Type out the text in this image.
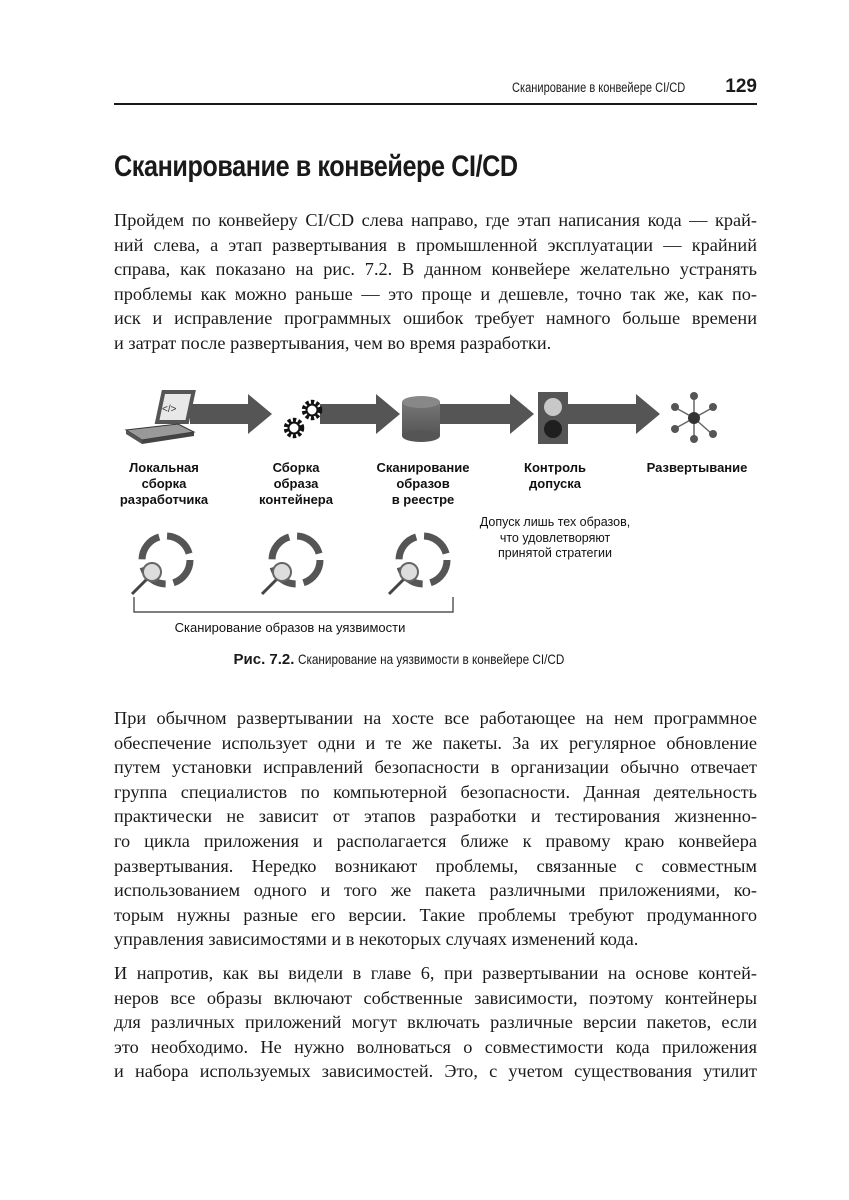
Сканирование в конвейере CI/CD 129
Сканирование в конвейере CI/CD
Пройдем по конвейеру CI/CD слева направо, где этап написания кода — край-
ний слева, а этап развертывания в промышленной эксплуатации — крайний
справа, как показано на рис. 7.2. В данном конвейере желательно устранять
проблемы как можно раньше — это проще и дешевле, точно так же, как по-
иск и исправление программных ошибок требует намного больше времени
и затрат после развертывания, чем во время разработки.
</>
Локальная
сборка
разработчика
Сборка
образа
контейнера
Сканирование
образов
в реестре
Контроль
допуска
Развертывание
Допуск лишь тех образов,
что удовлетворяют
принятой стратегии
Сканирование образов на уязвимости
Рис. 7.2. Сканирование на уязвимости в конвейере CI/CD
При обычном развертывании на хосте все работающее на нем программное
обеспечение использует одни и те же пакеты. За их регулярное обновление
путем установки исправлений безопасности в организации обычно отвечает
группа специалистов по компьютерной безопасности. Данная деятельность
практически не зависит от этапов разработки и тестирования жизненно-
го цикла приложения и располагается ближе к правому краю конвейера
развертывания. Нередко возникают проблемы, связанные с совместным
использованием одного и того же пакета различными приложениями, ко-
торым нужны разные его версии. Такие проблемы требуют продуманного
управления зависимостями и в некоторых случаях изменений кода.
И напротив, как вы видели в главе 6, при развертывании на основе контей-
неров все образы включают собственные зависимости, поэтому контейнеры
для различных приложений могут включать различные версии пакетов, если
это необходимо. Не нужно волноваться о совместимости кода приложения
и набора используемых зависимостей. Это, с учетом существования утилит
